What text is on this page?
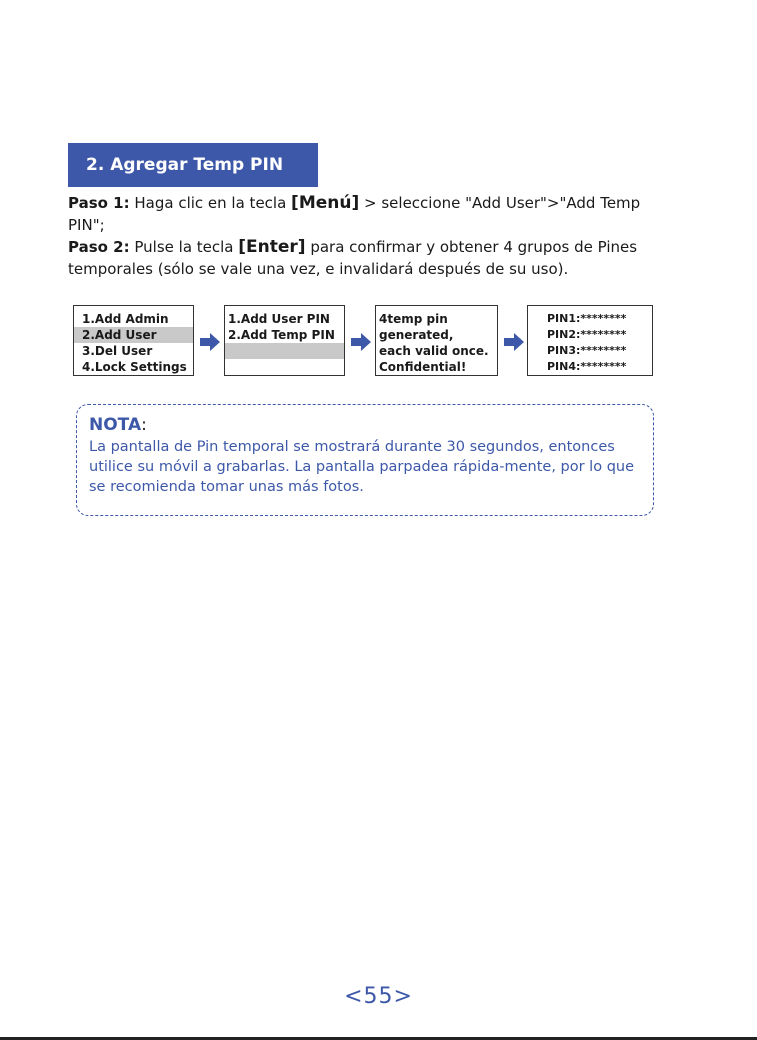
2. Agregar Temp PIN

Paso 1: Haga clic en la tecla [Menú] > seleccione "Add User">"Add Temp PIN";

Paso 2: Pulse la tecla [Enter] para confirmar y obtener 4 grupos de Pines temporales (sólo se vale una vez, e invalidará después de su uso).

1.Add Admin
2.Add User
3.Del User
4.Lock Settings
1.Add User PIN
2.Add Temp PIN
4temp pin
generated,
each valid once.
Confidential!
PIN1:********
PIN2:********
PIN3:********
PIN4:********
NOTA:
La pantalla de Pin temporal se mostrará durante 30 segundos, entonces utilice su móvil a grabarlas. La pantalla parpadea rápida-mente, por lo que se recomienda tomar unas más fotos.
<55>
